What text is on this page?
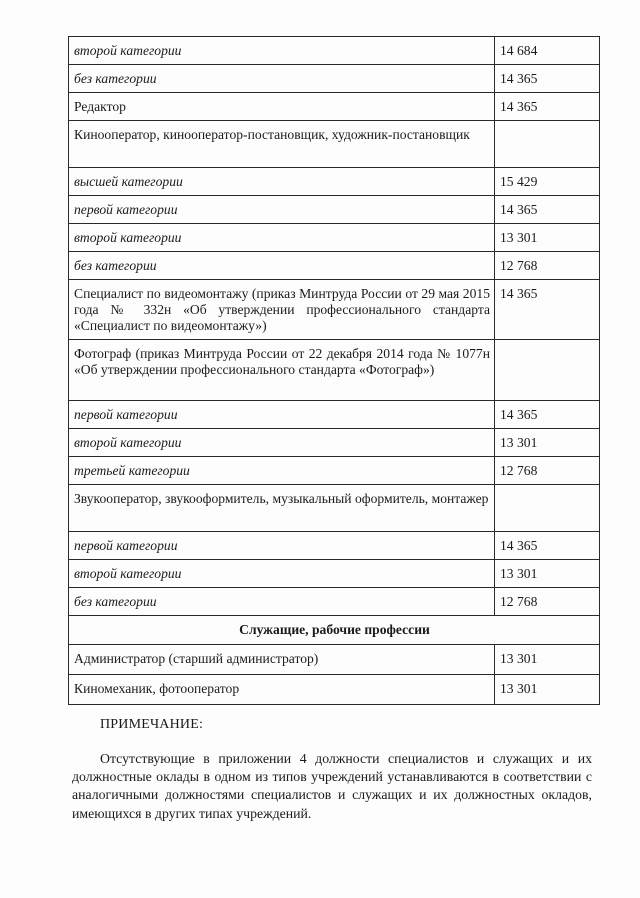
второй категории	14 684
без категории	14 365
Редактор	14 365
Кинооператор, кинооператор-постановщик, художник-постановщик	
высшей категории	15 429
первой категории	14 365
второй категории	13 301
без категории	12 768
Специалист по видеомонтажу (приказ Минтруда России от 29 мая 2015 года № 332н «Об утверждении профессионального стандарта «Специалист по видеомонтажу»)	14 365
Фотограф (приказ Минтруда России от 22 декабря 2014 года № 1077н «Об утверждении профессионального стандарта «Фотограф»)	
первой категории	14 365
второй категории	13 301
третьей категории	12 768
Звукооператор, звукооформитель, музыкальный оформитель, монтажер	
первой категории	14 365
второй категории	13 301
без категории	12 768
Служащие, рабочие профессии	
Администратор (старший администратор)	13 301
Киномеханик, фотооператор	13 301
ПРИМЕЧАНИЕ:
Отсутствующие в приложении 4 должности специалистов и служащих и их должностные оклады в одном из типов учреждений устанавливаются в соответствии с аналогичными должностями специалистов и служащих и их должностных окладов, имеющихся в других типах учреждений.
